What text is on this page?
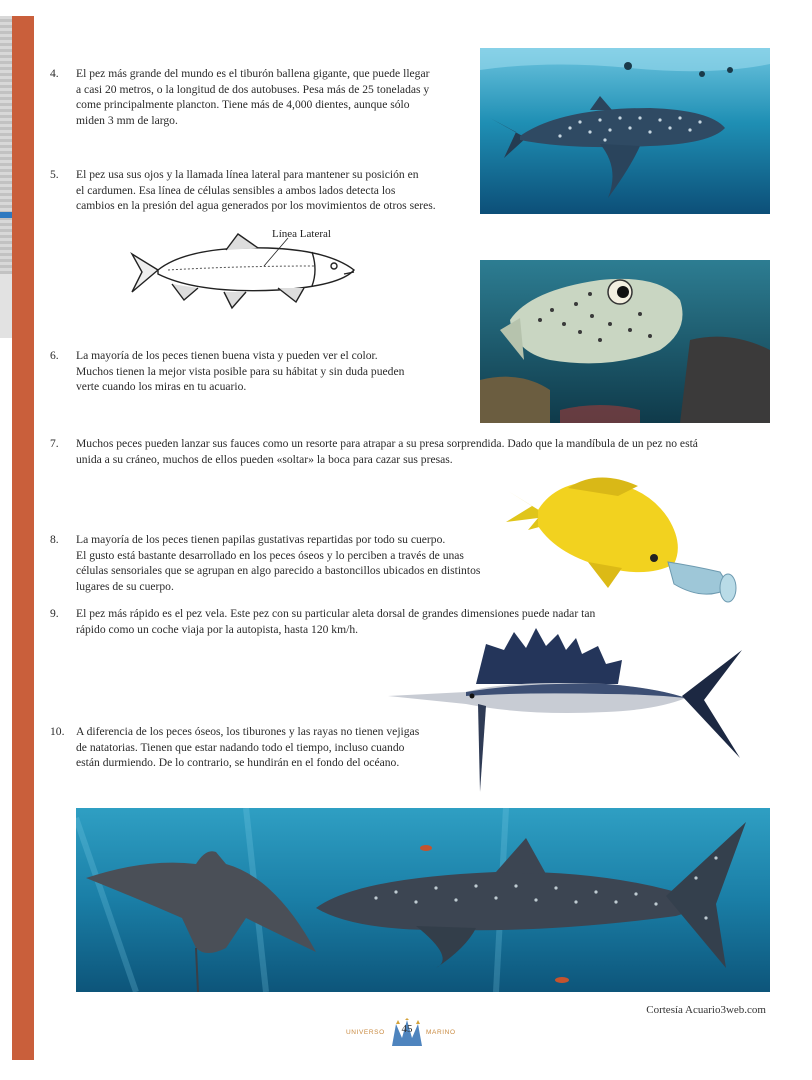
4. El pez más grande del mundo es el tiburón ballena gigante, que puede llegar
a casi 20 metros, o la longitud de dos autobuses. Pesa más de 25 toneladas y
come principalmente plancton. Tiene más de 4,000 dientes, aunque sólo
miden 3 mm de largo.
5. El pez usa sus ojos y la llamada línea lateral para mantener su posición en
el cardumen. Esa línea de células sensibles a ambos lados detecta los
cambios en la presión del agua generados por los movimientos de otros seres.
Línea Lateral
6. La mayoría de los peces tienen buena vista y pueden ver el color.
Muchos tienen la mejor vista posible para su hábitat y sin duda pueden
verte cuando los miras en tu acuario.
7. Muchos peces pueden lanzar sus fauces como un resorte para atrapar a su presa sorprendida. Dado que la mandíbula de un pez no está
unida a su cráneo, muchos de ellos pueden «soltar» la boca para cazar sus presas.
8. La mayoría de los peces tienen papilas gustativas repartidas por todo su cuerpo.
El gusto está bastante desarrollado en los peces óseos y lo perciben a través de unas
células sensoriales que se agrupan en algo parecido a bastoncillos ubicados en distintos
lugares de su cuerpo.
9. El pez más rápido es el pez vela. Este pez con su particular aleta dorsal de grandes dimensiones puede nadar tan
rápido como un coche viaja por la autopista, hasta 120 km/h.
10. A diferencia de los peces óseos, los tiburones y las rayas no tienen vejigas
de natatorias. Tienen que estar nadando todo el tiempo, incluso cuando
están durmiendo. De lo contrario, se hundirán en el fondo del océano.
Cortesía Acuario3web.com
UNIVERSO	45	MARINO
